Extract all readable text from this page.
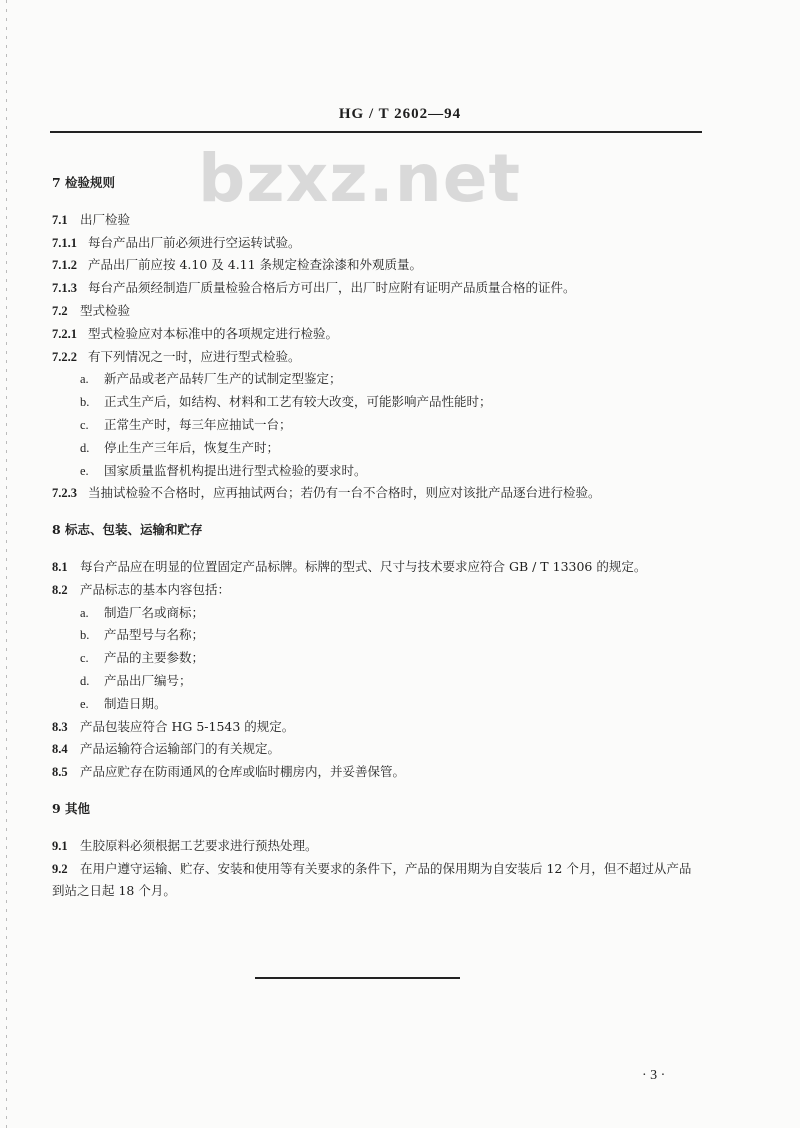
HG / T 2602—94
bzxz.net
7 检验规则
7.1 出厂检验
7.1.1 每台产品出厂前必须进行空运转试验。
7.1.2 产品出厂前应按 4.10 及 4.11 条规定检查涂漆和外观质量。
7.1.3 每台产品须经制造厂质量检验合格后方可出厂，出厂时应附有证明产品质量合格的证件。
7.2 型式检验
7.2.1 型式检验应对本标准中的各项规定进行检验。
7.2.2 有下列情况之一时，应进行型式检验。
a. 新产品或老产品转厂生产的试制定型鉴定；
b. 正式生产后，如结构、材料和工艺有较大改变，可能影响产品性能时；
c. 正常生产时，每三年应抽试一台；
d. 停止生产三年后，恢复生产时；
e. 国家质量监督机构提出进行型式检验的要求时。
7.2.3 当抽试检验不合格时，应再抽试两台；若仍有一台不合格时，则应对该批产品逐台进行检验。
8 标志、包装、运输和贮存
8.1 每台产品应在明显的位置固定产品标牌。标牌的型式、尺寸与技术要求应符合 GB / T 13306 的规定。
8.2 产品标志的基本内容包括：
a. 制造厂名或商标；
b. 产品型号与名称；
c. 产品的主要参数；
d. 产品出厂编号；
e. 制造日期。
8.3 产品包装应符合 HG 5-1543 的规定。
8.4 产品运输符合运输部门的有关规定。
8.5 产品应贮存在防雨通风的仓库或临时棚房内，并妥善保管。
9 其他
9.1 生胶原料必须根据工艺要求进行预热处理。
9.2 在用户遵守运输、贮存、安装和使用等有关要求的条件下，产品的保用期为自安装后 12 个月，但不超过从产品到站之日起 18 个月。
· 3 ·
